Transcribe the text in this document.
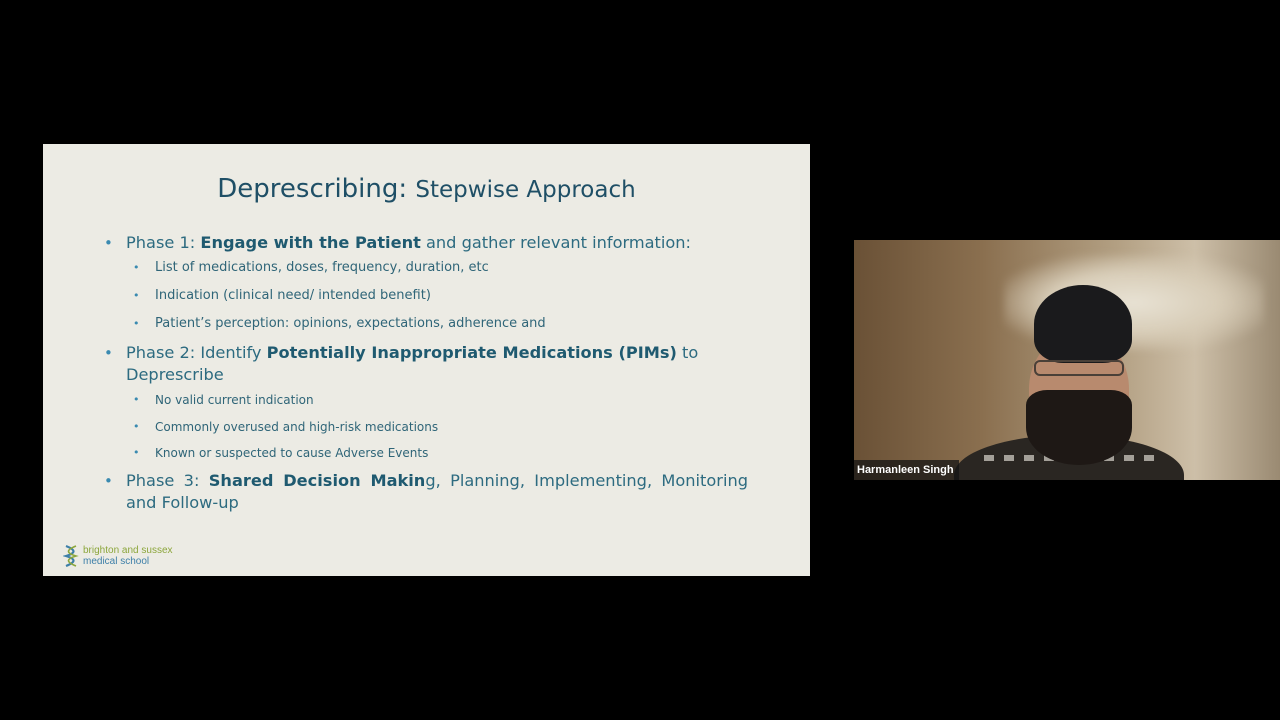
Deprescribing: Stepwise Approach
• Phase 1: Engage with the Patient and gather relevant information:
• List of medications, doses, frequency, duration, etc
• Indication (clinical need/ intended benefit)
• Patient’s perception: opinions, expectations, adherence and
• Phase 2: Identify Potentially Inappropriate Medications (PIMs) to Deprescribe
• No valid current indication
• Commonly overused and high-risk medications
• Known or suspected to cause Adverse Events
• Phase 3: Shared Decision Making, Planning, Implementing, Monitoring and Follow-up
brighton and sussex
medical school
Harmanleen Singh
